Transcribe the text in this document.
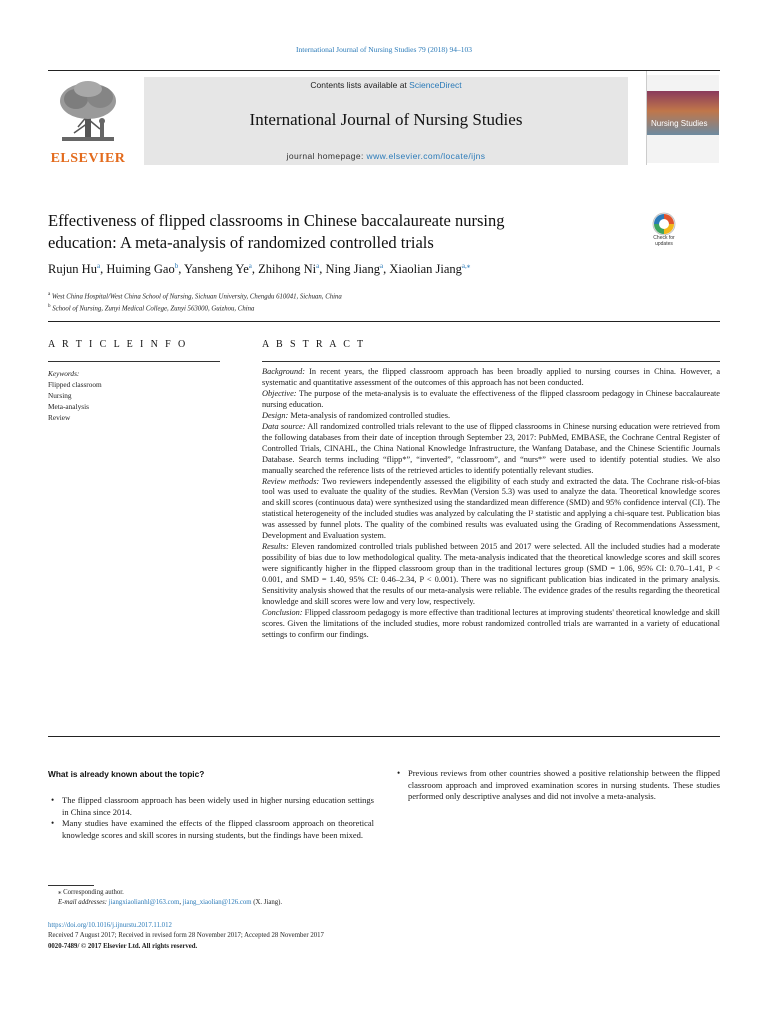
International Journal of Nursing Studies 79 (2018) 94–103
ELSEVIER
Contents lists available at ScienceDirect
International Journal of Nursing Studies
journal homepage: www.elsevier.com/locate/ijns
Nursing Studies
Effectiveness of flipped classrooms in Chinese baccalaureate nursing
education: A meta-analysis of randomized controlled trials	Check for
updates
Rujun Hu$^a$, Huiming Gao$^b$, Yansheng Ye$^a$, Zhihong Ni$^a$, Ning Jiang$^a$, Xiaolian Jiang$^{a,⁎}$
$^a$ West China Hospital/West China School of Nursing, Sichuan University, Chengdu 610041, Sichuan, China
$^b$ School of Nursing, Zunyi Medical College, Zunyi 563000, Guizhou, China
A R T I C L E I N F O	A B S T R A C T
Keywords:
Flipped classroom
Nursing
Meta-analysis
Review

Background: In recent years, the flipped classroom approach has been broadly applied to nursing courses in China. However, a systematic and quantitative assessment of the outcomes of this approach has not been conducted.

Objective: The purpose of the meta-analysis is to evaluate the effectiveness of the flipped classroom pedagogy in Chinese baccalaureate nursing education.

Design: Meta-analysis of randomized controlled studies.

Data source: All randomized controlled trials relevant to the use of flipped classrooms in Chinese nursing education were retrieved from the following databases from their date of inception through September 23, 2017: PubMed, EMBASE, the Cochrane Central Register of Controlled Trials, CINAHL, the China National Knowledge Infrastructure, the Wanfang Database, and the Chinese Scientific Journals Database. Search terms including “flipp*”, “inverted”, “classroom”, and “nurs*” were used to identify potential studies. We also manually searched the reference lists of the retrieved articles to identify potentially relevant studies.

Review methods: Two reviewers independently assessed the eligibility of each study and extracted the data. The Cochrane risk-of-bias tool was used to evaluate the quality of the studies. RevMan (Version 5.3) was used to analyze the data. Theoretical knowledge scores and skill scores (continuous data) were synthesized using the standardized mean difference (SMD) and 95% confidence interval (CI). The statistical heterogeneity of the included studies was analyzed by calculating the I² statistic and applying a chi-square test. Publication bias was assessed by funnel plots. The quality of the combined results was evaluated using the Grading of Recommendations Assessment, Development and Evaluation system.

Results: Eleven randomized controlled trials published between 2015 and 2017 were selected. All the included studies had a moderate possibility of bias due to low methodological quality. The meta-analysis indicated that the theoretical knowledge scores and skill scores were significantly higher in the flipped classroom group than in the traditional lectures group (SMD = 1.06, 95% CI: 0.70–1.41, P < 0.001, and SMD = 1.40, 95% CI: 0.46–2.34, P < 0.001). There was no significant publication bias indicated in the primary analysis. Sensitivity analysis showed that the results of our meta-analysis were reliable. The evidence grades of the results regarding the theoretical knowledge and skill scores were low and very low, respectively.

Conclusion: Flipped classroom pedagogy is more effective than traditional lectures at improving students' theoretical knowledge and skill scores. Given the limitations of the included studies, more robust randomized controlled trials are warranted in a variety of educational settings to confirm our findings.

What is already known about the topic?
• The flipped classroom approach has been widely used in higher nursing education settings in China since 2014.
• Many studies have examined the effects of the flipped classroom approach on theoretical knowledge scores and skill scores in nursing students, but the findings have been mixed.
• Previous reviews from other countries showed a positive relationship between the flipped classroom approach and improved examination scores in nursing students. These studies performed only descriptive analyses and did not involve a meta-analysis.
⁎ Corresponding author.
E-mail addresses: jiangxiaolianhl@163.com, jiang_xiaolian@126.com (X. Jiang).
https://doi.org/10.1016/j.ijnurstu.2017.11.012
Received 7 August 2017; Received in revised form 28 November 2017; Accepted 28 November 2017
0020-7489/ © 2017 Elsevier Ltd. All rights reserved.
